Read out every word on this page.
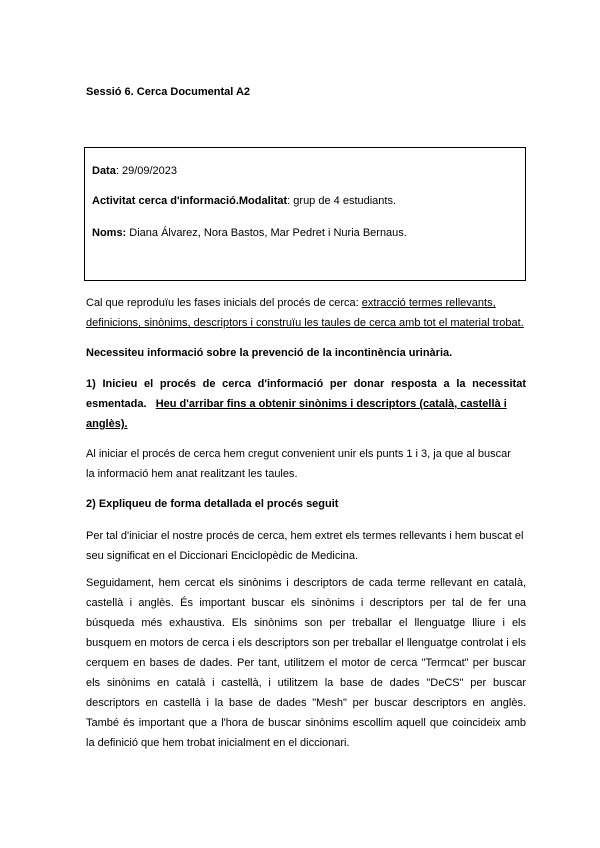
Sessió 6. Cerca Documental A2
Data: 29/09/2023
Activitat cerca d'informació.Modalitat: grup de 4 estudiants.
Noms: Diana Álvarez, Nora Bastos, Mar Pedret i Nuria Bernaus.
Cal que reproduïu les fases inicials del procés de cerca: extracció termes rellevants,
definicions, sinònims, descriptors i construïu les taules de cerca amb tot el material trobat.
Necessiteu informació sobre la prevenció de la incontinència urinària.
1) Inicieu el procés de cerca d'informació per donar resposta a la necessitat
esmentada. Heu d'arribar fins a obtenir sinònims i descriptors (català, castellà i
anglès).
Al iniciar el procés de cerca hem cregut convenient unir els punts 1 i 3, ja que al buscar
la informació hem anat realitzant les taules.
2) Expliqueu de forma detallada el procés seguit
Per tal d'iniciar el nostre procés de cerca, hem extret els termes rellevants i hem buscat el
seu significat en el Diccionari Enciclopèdic de Medicina.
Seguidament, hem cercat els sinònims i descriptors de cada terme rellevant en català,
castellà i anglès. És important buscar els sinònims i descriptors per tal de fer una
búsqueda més exhaustiva. Els sinònims son per treballar el llenguatge lliure i els
busquem en motors de cerca i els descriptors son per treballar el llenguatge controlat i els
cerquem en bases de dades. Per tant, utilitzem el motor de cerca "Termcat" per buscar
els sinònims en català i castellà, i utilitzem la base de dades "DeCS" per buscar
descriptors en castellà i la base de dades "Mesh" per buscar descriptors en anglès.
També és important que a l'hora de buscar sinònims escollim aquell que coincideix amb
la definició que hem trobat inicialment en el diccionari.
